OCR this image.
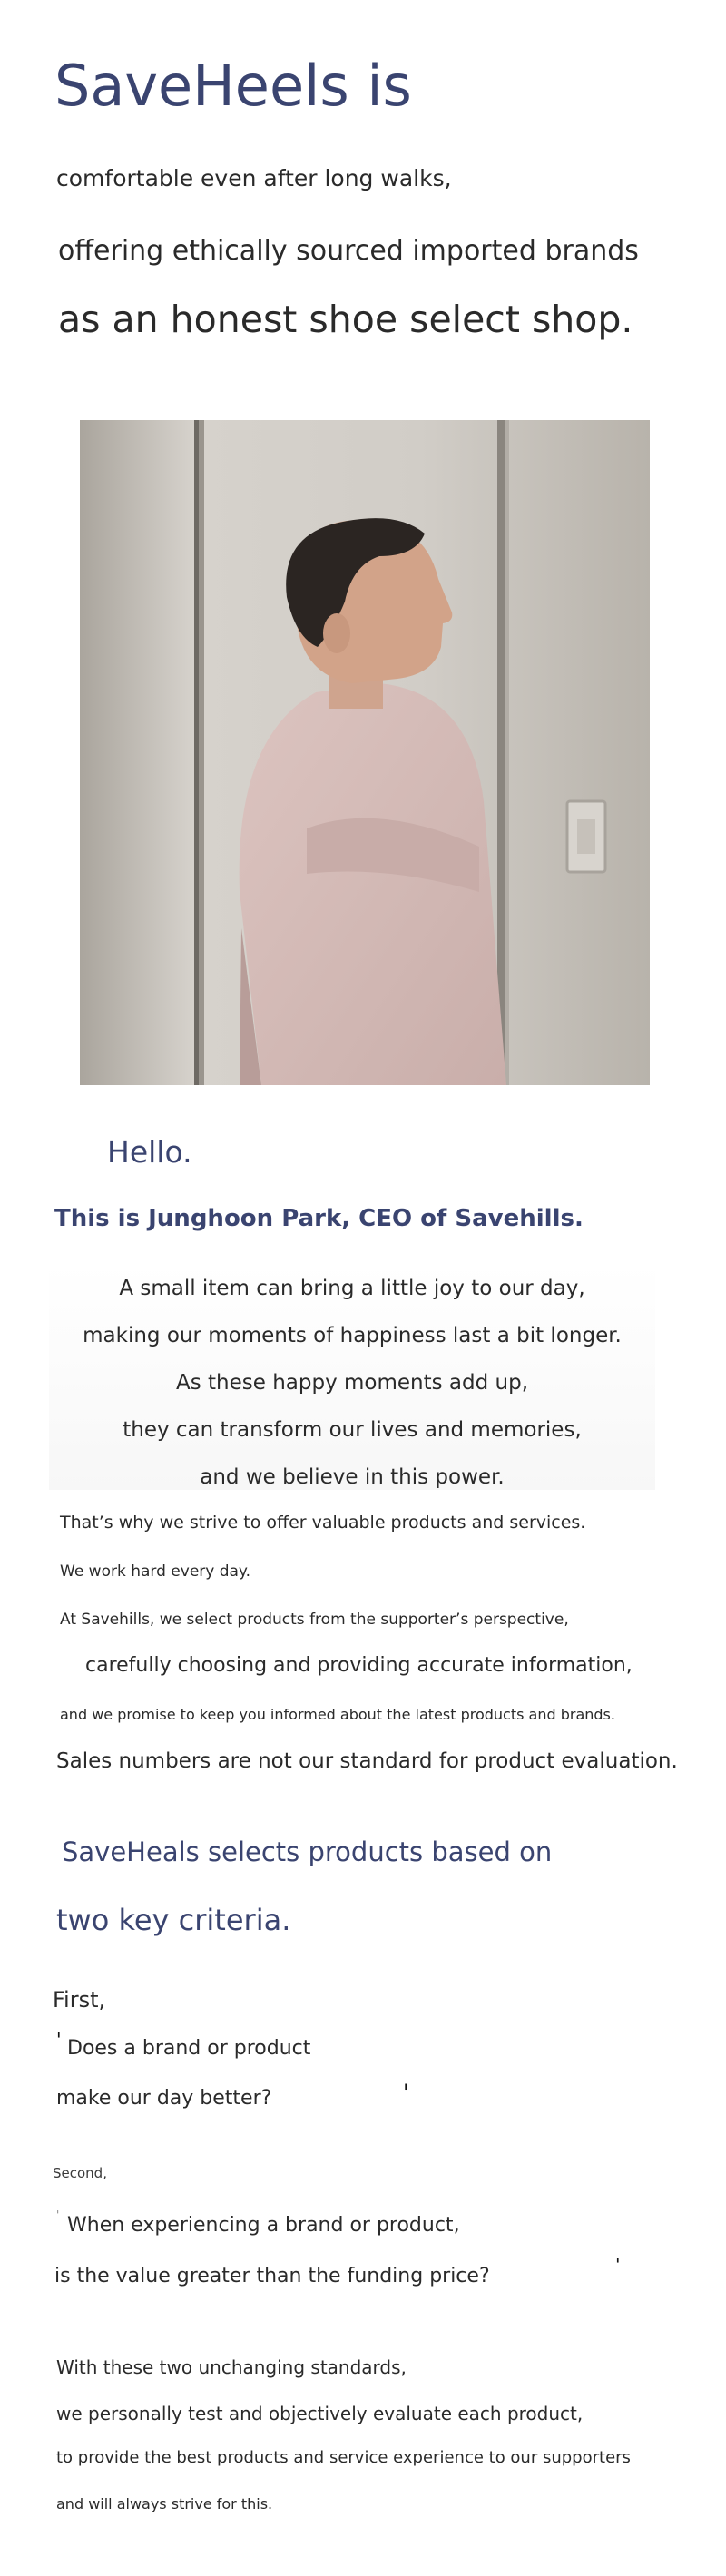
SaveHeels is

comfortable even after long walks,

offering ethically sourced imported brands

as an honest shoe select shop.

Hello.

This is Junghoon Park, CEO of Savehills.

A small item can bring a little joy to our day,

making our moments of happiness last a bit longer.

As these happy moments add up,

they can transform our lives and memories,

and we believe in this power.

That’s why we strive to offer valuable products and services.

We work hard every day.

At Savehills, we select products from the supporter’s perspective,

carefully choosing and providing accurate information,

and we promise to keep you informed about the latest products and brands.

Sales numbers are not our standard for product evaluation.

SaveHeals selects products based on

two key criteria.

First,

' Does a brand or product

make our day better?	'

Second,

' When experiencing a brand or product,

is the value greater than the funding price?	'

With these two unchanging standards,

we personally test and objectively evaluate each product,

to provide the best products and service experience to our supporters

and will always strive for this.
